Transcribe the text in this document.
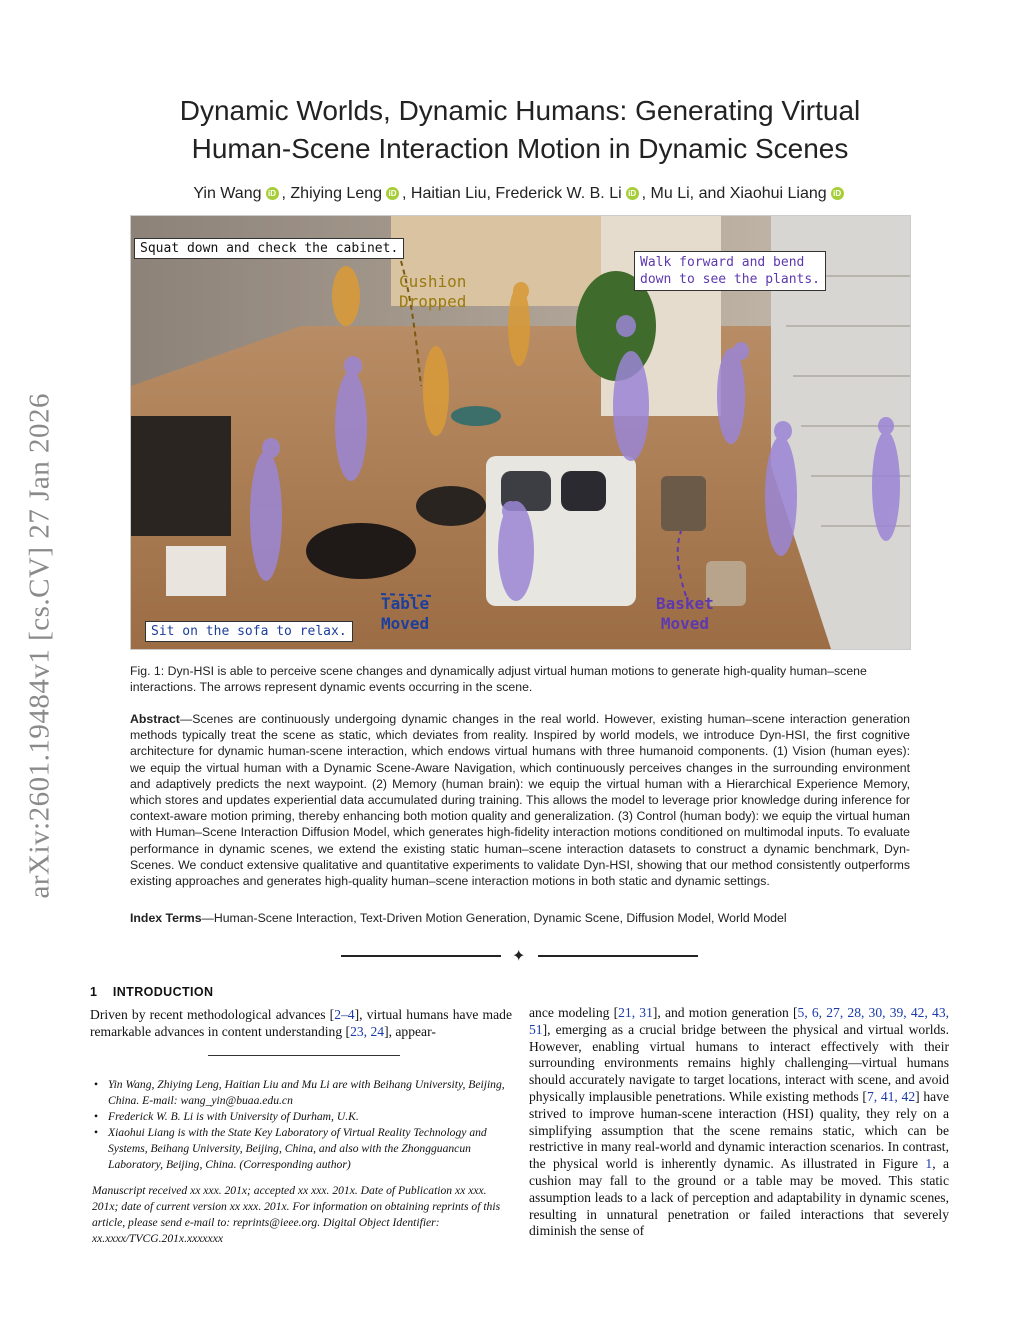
arXiv:2601.19484v1 [cs.CV] 27 Jan 2026
Dynamic Worlds, Dynamic Humans: Generating Virtual
Human-Scene Interaction Motion in Dynamic Scenes
Yin Wang iD , Zhiying Leng iD , Haitian Liu, Frederick W. B. Li iD , Mu Li, and Xiaohui Liang iD
Squat down and check the cabinet.
Walk forward and bend
down to see the plants.
Sit on the sofa to relax.
Cushion
Dropped
Table
Moved
Basket
Moved
Fig. 1: Dyn-HSI is able to perceive scene changes and dynamically adjust virtual human motions to generate high-quality human–scene interactions. The arrows represent dynamic events occurring in the scene.
Abstract—Scenes are continuously undergoing dynamic changes in the real world. However, existing human–scene interaction generation methods typically treat the scene as static, which deviates from reality. Inspired by world models, we introduce Dyn-HSI, the first cognitive architecture for dynamic human-scene interaction, which endows virtual humans with three humanoid components. (1) Vision (human eyes): we equip the virtual human with a Dynamic Scene-Aware Navigation, which continuously perceives changes in the surrounding environment and adaptively predicts the next waypoint. (2) Memory (human brain): we equip the virtual human with a Hierarchical Experience Memory, which stores and updates experiential data accumulated during training. This allows the model to leverage prior knowledge during inference for context-aware motion priming, thereby enhancing both motion quality and generalization. (3) Control (human body): we equip the virtual human with Human–Scene Interaction Diffusion Model, which generates high-fidelity interaction motions conditioned on multimodal inputs. To evaluate performance in dynamic scenes, we extend the existing static human–scene interaction datasets to construct a dynamic benchmark, Dyn-Scenes. We conduct extensive qualitative and quantitative experiments to validate Dyn-HSI, showing that our method consistently outperforms existing approaches and generates high-quality human–scene interaction motions in both static and dynamic settings.
Index Terms—Human-Scene Interaction, Text-Driven Motion Generation, Dynamic Scene, Diffusion Model, World Model
✦
1 INTRODUCTION
Driven by recent methodological advances [2–4], virtual humans have made remarkable advances in content understanding [23, 24], appear-
• Yin Wang, Zhiying Leng, Haitian Liu and Mu Li are with Beihang University, Beijing, China. E-mail: wang_yin@buaa.edu.cn
• Frederick W. B. Li is with University of Durham, U.K.
• Xiaohui Liang is with the State Key Laboratory of Virtual Reality Technology and Systems, Beihang University, Beijing, China, and also with the Zhongguancun Laboratory, Beijing, China. (Corresponding author)
Manuscript received xx xxx. 201x; accepted xx xxx. 201x. Date of Publication xx xxx. 201x; date of current version xx xxx. 201x. For information on obtaining reprints of this article, please send e-mail to: reprints@ieee.org. Digital Object Identifier: xx.xxxx/TVCG.201x.xxxxxxx
ance modeling [21, 31], and motion generation [5, 6, 27, 28, 30, 39, 42, 43, 51], emerging as a crucial bridge between the physical and virtual worlds. However, enabling virtual humans to interact effectively with their surrounding environments remains highly challenging—virtual humans should accurately navigate to target locations, interact with scene, and avoid physically implausible penetrations. While existing methods [7, 41, 42] have strived to improve human-scene interaction (HSI) quality, they rely on a simplifying assumption that the scene remains static, which can be restrictive in many real-world and dynamic interaction scenarios. In contrast, the physical world is inherently dynamic. As illustrated in Figure 1, a cushion may fall to the ground or a table may be moved. This static assumption leads to a lack of perception and adaptability in dynamic scenes, resulting in unnatural penetration or failed interactions that severely diminish the sense of
